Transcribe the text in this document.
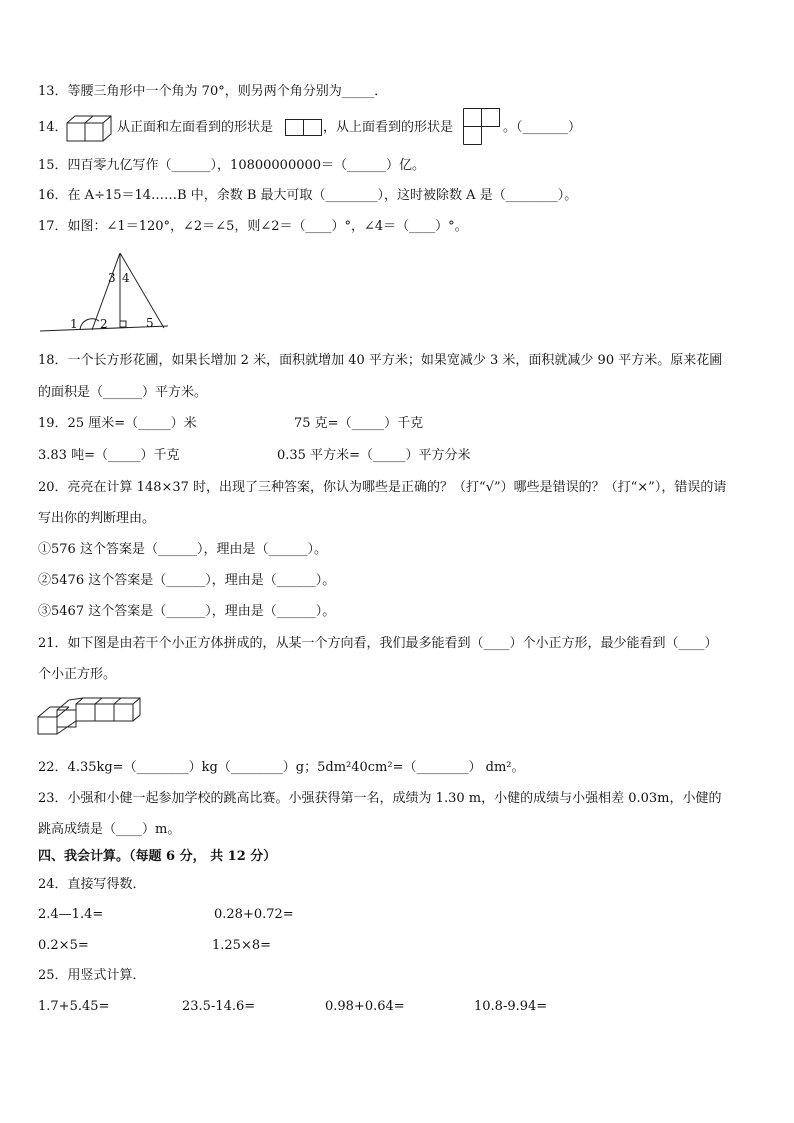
13．等腰三角形中一个角为 70°，则另两个角分别为_____．
14．	从正面和左面看到的形状是	，从上面看到的形状是	。（_______）
15．四百零九亿写作（______），10800000000＝（______）亿。
16．在 A÷15＝14……B 中，余数 B 最大可取（________），这时被除数 A 是（________）。
17．如图：∠1＝120°，∠2＝∠5，则∠2＝（____）°，∠4＝（____）°。
3 4
1 2	5
18．一个长方形花圃，如果长增加 2 米，面积就增加 40 平方米；如果宽减少 3 米，面积就减少 90 平方米。原来花圃
的面积是（______）平方米。
19．25 厘米=（_____）米	75 克=（_____）千克
3.83 吨=（_____）千克	0.35 平方米=（_____）平方分米
20．亮亮在计算 148×37 时，出现了三种答案，你认为哪些是正确的？（打“√”）哪些是错误的？（打“×”），错误的请
写出你的判断理由。
①576 这个答案是（______），理由是（______）。
②5476 这个答案是（______），理由是（______）。
③5467 这个答案是（______），理由是（______）。
21．如下图是由若干个小正方体拼成的，从某一个方向看，我们最多能看到（____）个小正方形，最少能看到（____）
个小正方形。
22．4.35kg=（________）kg（________）g；5dm²40cm²=（________） dm²。
23．小强和小健一起参加学校的跳高比赛。小强获得第一名，成绩为 1.30 m，小健的成绩与小强相差 0.03m，小健的
跳高成绩是（____）m。
四、我会计算。（每题 6 分， 共 12 分）
24．直接写得数．
2.4—1.4=	0.28+0.72=
0.2×5=	1.25×8=
25．用竖式计算．
1.7+5.45=	23.5-14.6=	0.98+0.64=	10.8-9.94=
